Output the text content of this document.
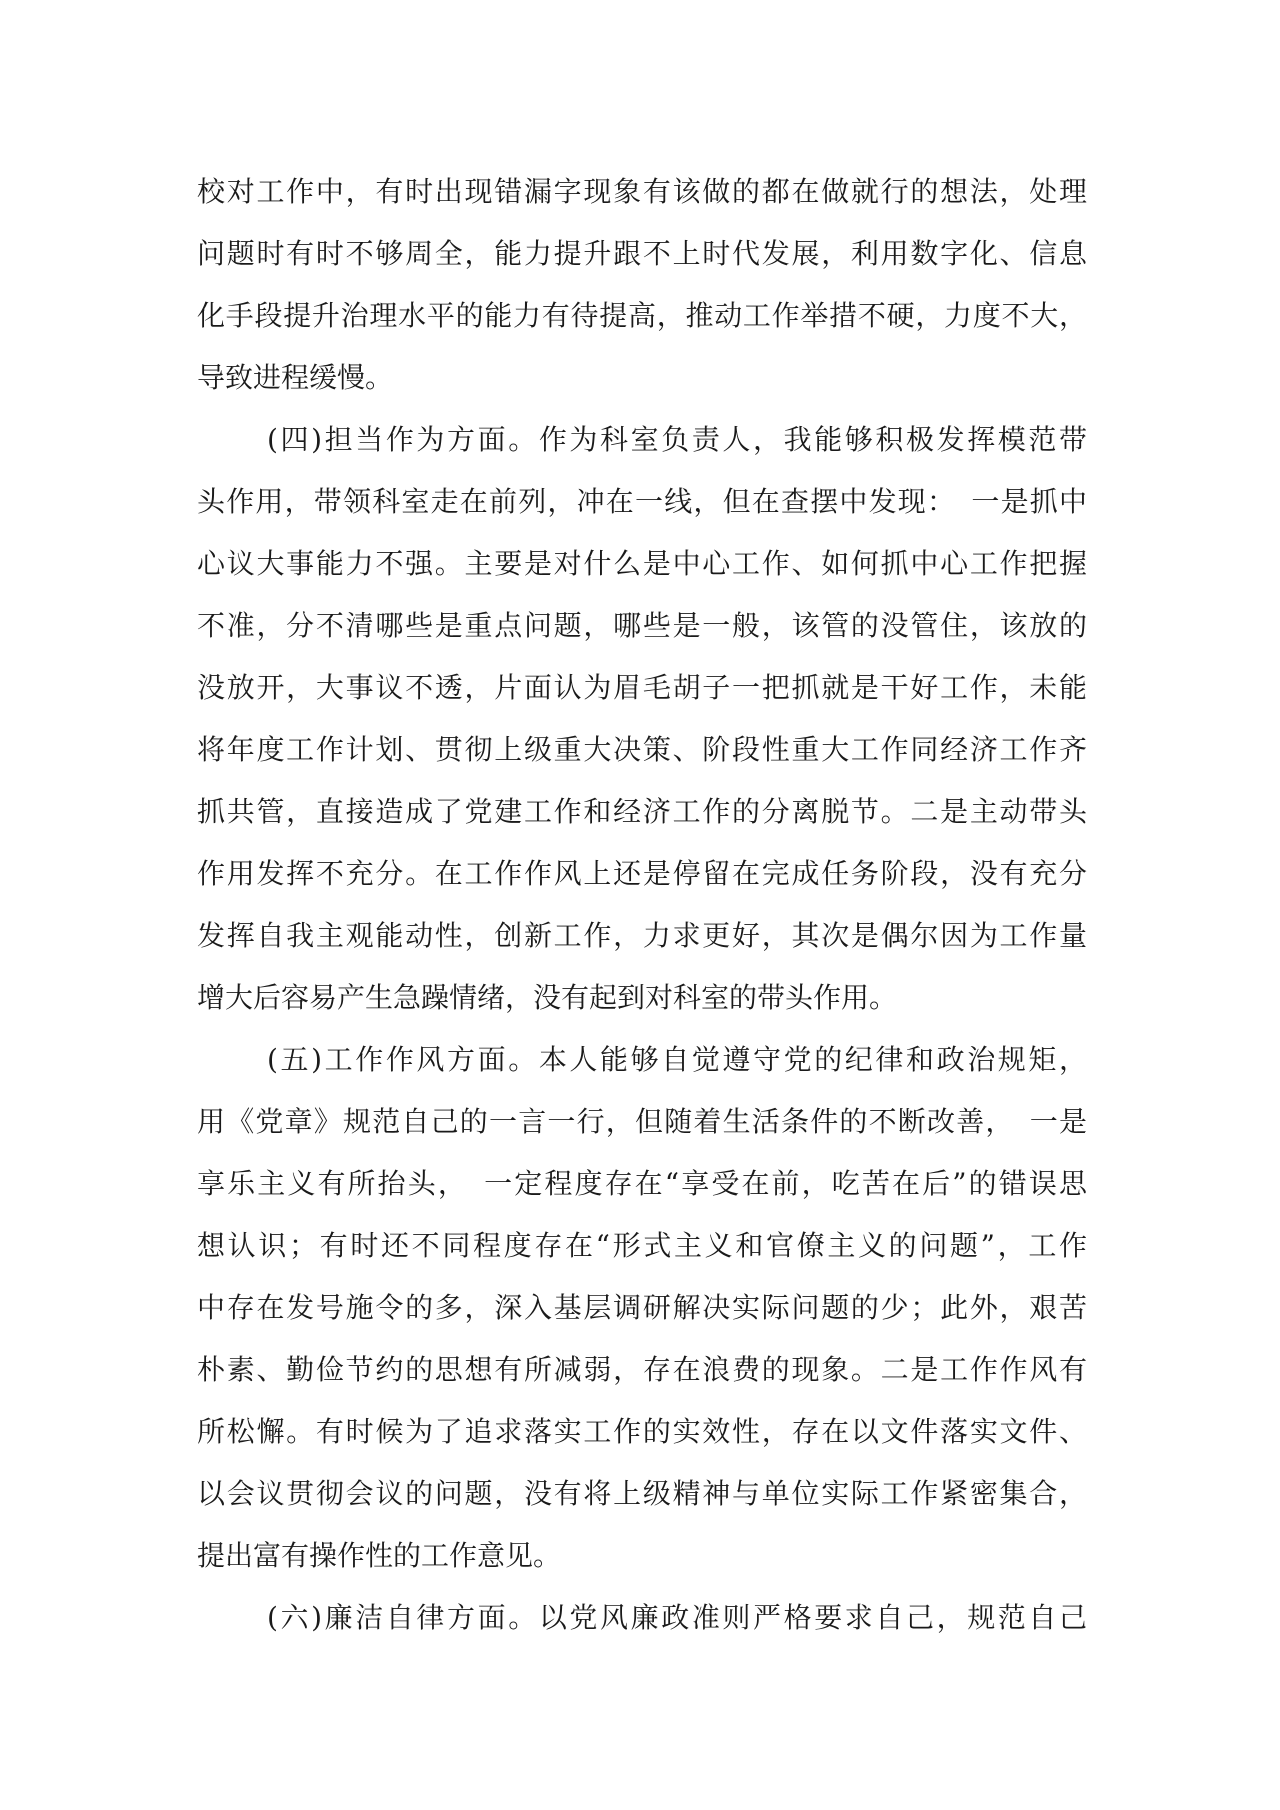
校对工作中，有时出现错漏字现象有该做的都在做就行的想法，处理
问题时有时不够周全，能力提升跟不上时代发展，利用数字化、信息
化手段提升治理水平的能力有待提高，推动工作举措不硬，力度不大，
导致进程缓慢。
(四)担当作为方面。作为科室负责人，我能够积极发挥模范带
头作用，带领科室走在前列，冲在一线，但在查摆中发现：　一是抓中
心议大事能力不强。主要是对什么是中心工作、如何抓中心工作把握
不准，分不清哪些是重点问题，哪些是一般，该管的没管住，该放的
没放开，大事议不透，片面认为眉毛胡子一把抓就是干好工作，未能
将年度工作计划、贯彻上级重大决策、阶段性重大工作同经济工作齐
抓共管，直接造成了党建工作和经济工作的分离脱节。二是主动带头
作用发挥不充分。在工作作风上还是停留在完成任务阶段，没有充分
发挥自我主观能动性，创新工作，力求更好，其次是偶尔因为工作量
增大后容易产生急躁情绪，没有起到对科室的带头作用。
(五)工作作风方面。本人能够自觉遵守党的纪律和政治规矩，
用《党章》规范自己的一言一行，但随着生活条件的不断改善，　一是
享乐主义有所抬头，　一定程度存在“享受在前，吃苦在后”的错误思
想认识；有时还不同程度存在“形式主义和官僚主义的问题”，工作
中存在发号施令的多，深入基层调研解决实际问题的少；此外，艰苦
朴素、勤俭节约的思想有所减弱，存在浪费的现象。二是工作作风有
所松懈。有时候为了追求落实工作的实效性，存在以文件落实文件、
以会议贯彻会议的问题，没有将上级精神与单位实际工作紧密集合，
提出富有操作性的工作意见。
(六)廉洁自律方面。以党风廉政准则严格要求自己，规范自己
